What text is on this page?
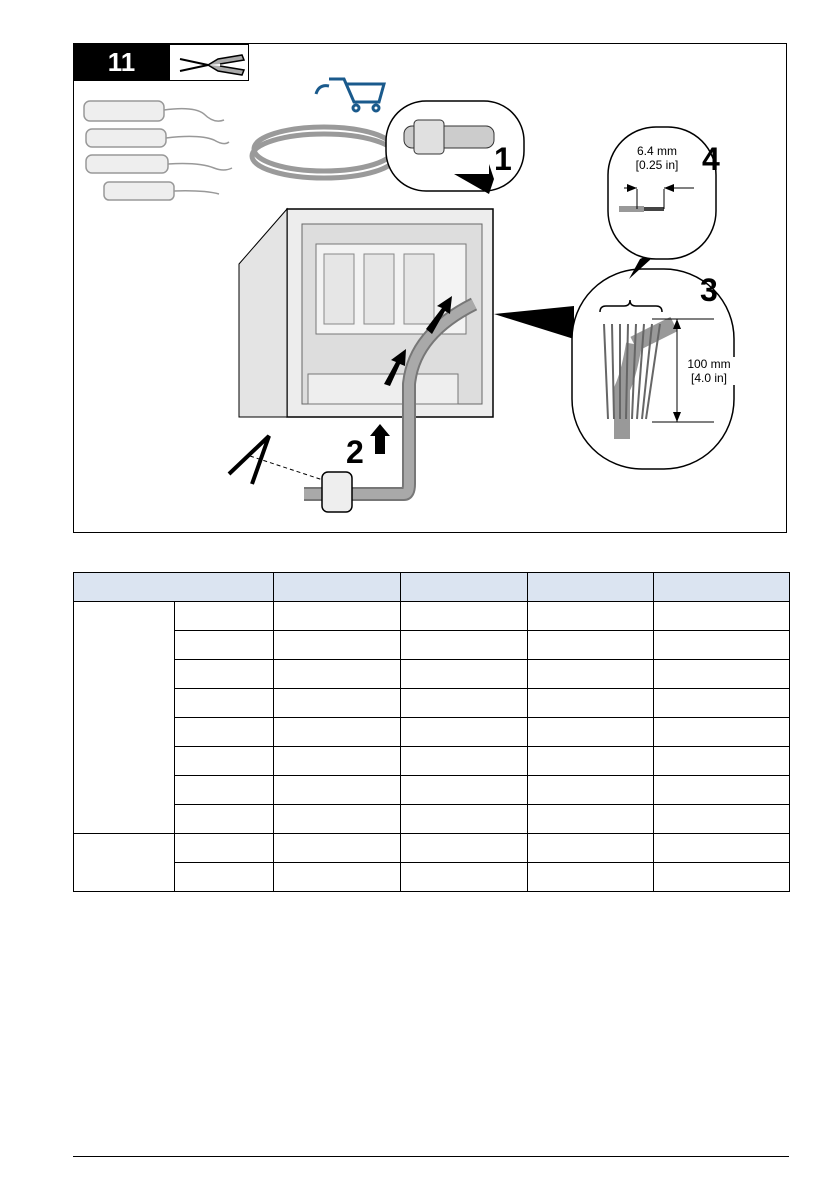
11
1
2
3
4
6.4 mm
[0.25 in]
100 mm
[4.0 in]
